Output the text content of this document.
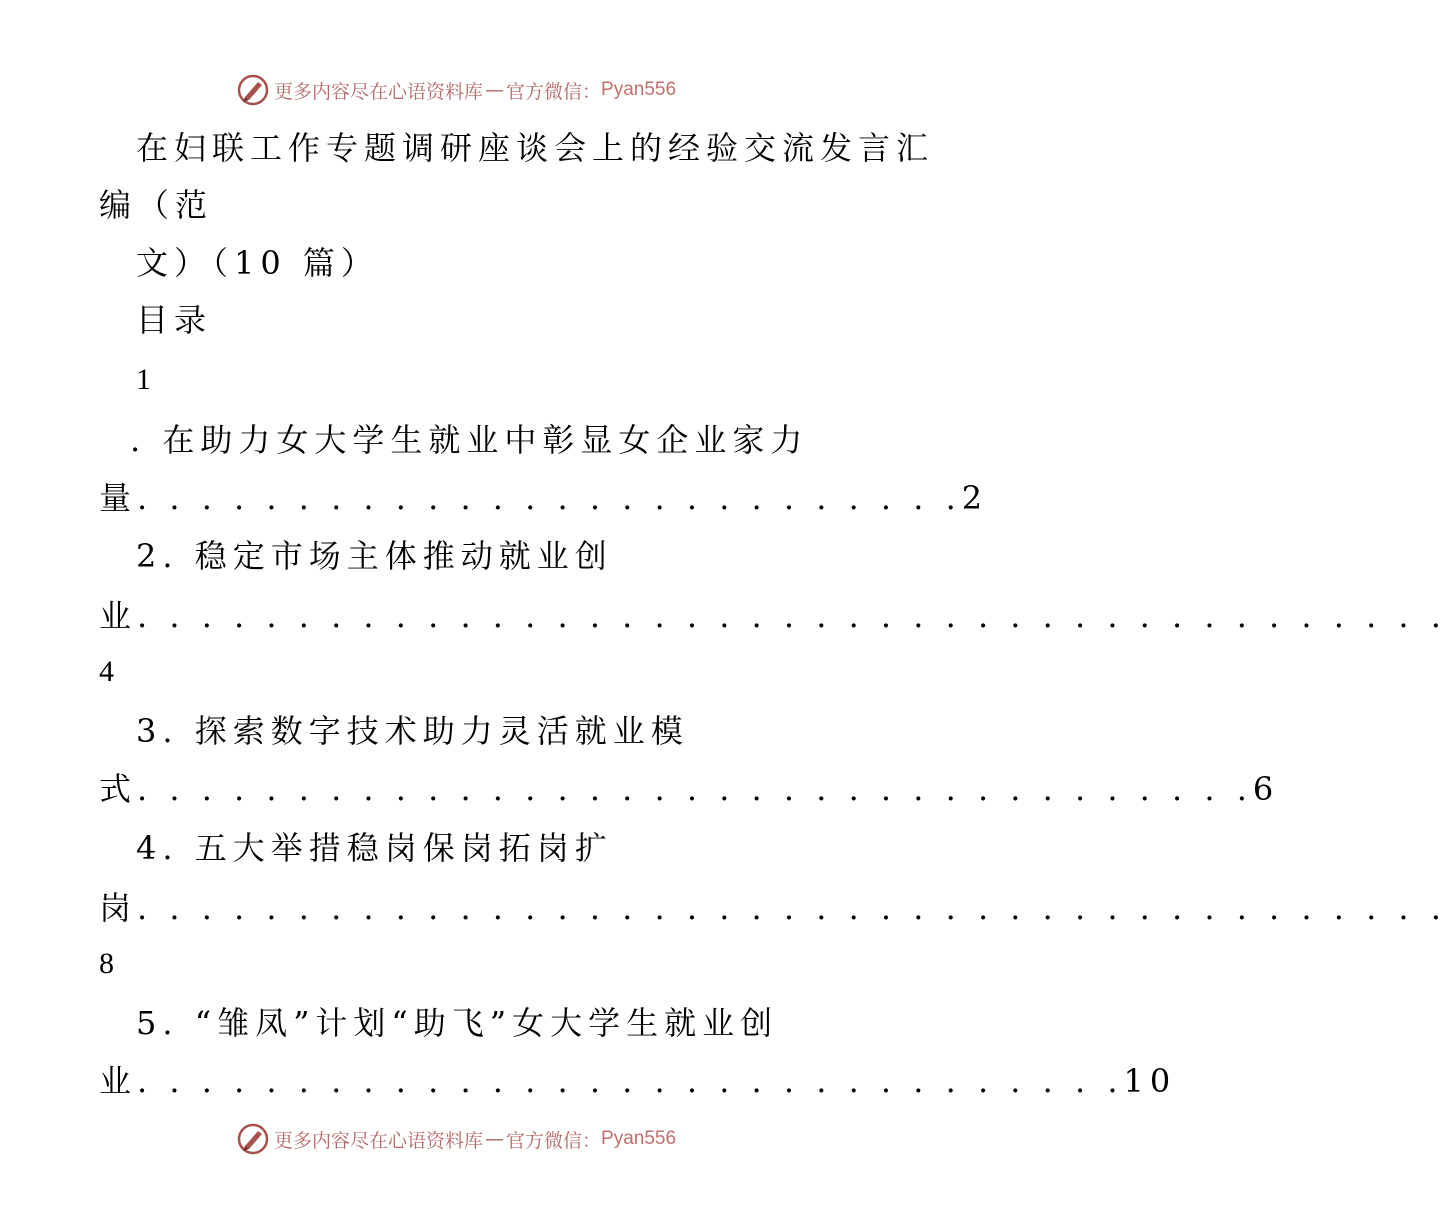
更多内容尽在心语资料库 — 官方微信： Pyan556
在妇联工作专题调研座谈会上的经验交流发言汇
编（范
文）（10 篇）
目录
1
. 在助力女大学生就业中彰显女企业家力
量. . . . . . . . . . . . . . . . . . . . . . . . . .2
2. 稳定市场主体推动就业创
业. . . . . . . . . . . . . . . . . . . . . . . . . . . . . . . . . . . . . . . . .
4
3. 探索数字技术助力灵活就业模
式. . . . . . . . . . . . . . . . . . . . . . . . . . . . . . . . . . .6
4. 五大举措稳岗保岗拓岗扩
岗. . . . . . . . . . . . . . . . . . . . . . . . . . . . . . . . . . . . . . . . .
8
5. “雏凤”计划“助飞”女大学生就业创
业. . . . . . . . . . . . . . . . . . . . . . . . . . . . . . .10
更多内容尽在心语资料库 — 官方微信： Pyan556
